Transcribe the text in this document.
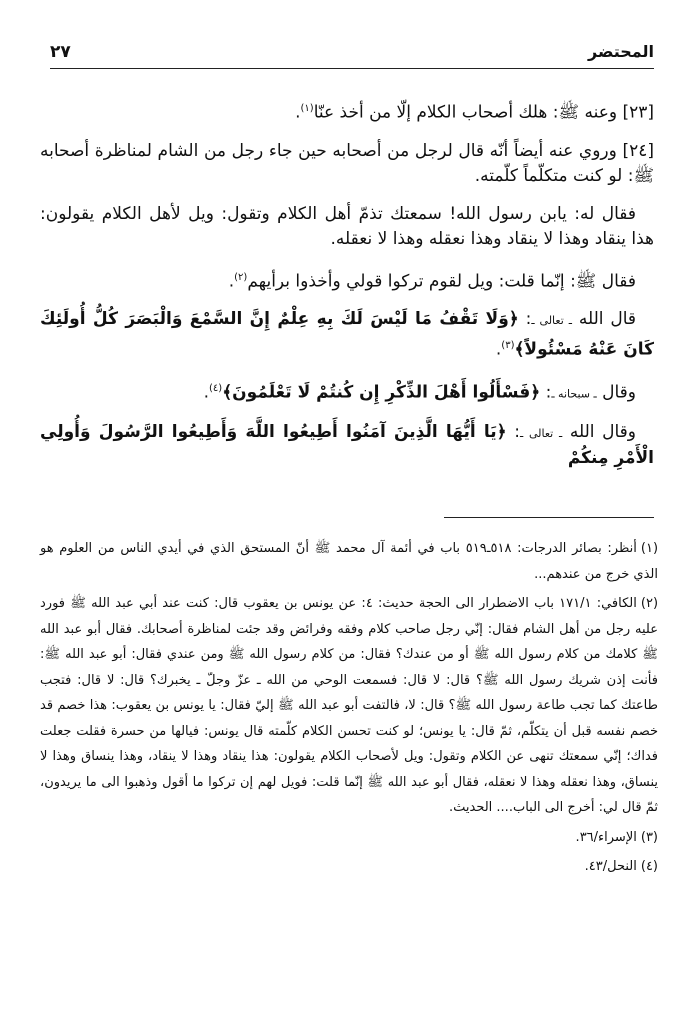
المحتضر
٢٧

[٢٣] وعنه ﷺ: هلك أصحاب الكلام إلّا من أخذ عنّا$^{(١)}$.

[٢٤] وروي عنه أيضاً أنّه قال لرجل من أصحابه حين جاء رجل من الشام لمناظرة أصحابه ﷺ: لو كنت متكلّماً كلّمته.

فقال له: يابن رسول الله! سمعتك تذمّ أهل الكلام وتقول: ويل لأهل الكلام يقولون: هذا ينقاد وهذا لا ينقاد وهذا نعقله وهذا لا نعقله.

فقال ﷺ: إنّما قلت: ويل لقوم تركوا قولي وأخذوا برأيهم$^{(٢)}$.

قال الله ـ تعالى ـ: ﴿وَلَا تَقْفُ مَا لَيْسَ لَكَ بِهِ عِلْمٌ إِنَّ السَّمْعَ وَالْبَصَرَ كُلُّ أُولَئِكَ كَانَ عَنْهُ مَسْئُولاً﴾$^{(٣)}$.

وقال ـ سبحانه ـ: ﴿فَسْأَلُوا أَهْلَ الذِّكْرِ إِن كُنتُمْ لَا تَعْلَمُونَ﴾$^{(٤)}$.

وقال الله ـ تعالى ـ: ﴿يَا أَيُّهَا الَّذِينَ آمَنُوا أَطِيعُوا اللَّهَ وَأَطِيعُوا الرَّسُولَ وَأُولِي الْأَمْرِ مِنكُمْ

(١)أنظر: بصائر الدرجات: ٥١٨ـ٥١٩ باب في أئمة آل محمد ﷺ أنّ المستحق الذي في أيدي الناس من العلوم هو الذي خرج من عندهم...
(٢)الكافي: ١٧١/١ باب الاضطرار الى الحجة حديث: ٤: عن يونس بن يعقوب قال: كنت عند أبي عبد الله ﷺ فورد عليه رجل من أهل الشام فقال: إنّي رجل صاحب كلام وفقه وفرائض وقد جئت لمناظرة أصحابك. فقال أبو عبد الله ﷺ كلامك من كلام رسول الله ﷺ أو من عندك؟ فقال: من كلام رسول الله ﷺ ومن عندي فقال: أبو عبد الله ﷺ: فأنت إذن شريك رسول الله ﷺ؟ قال: لا قال: فسمعت الوحي من الله ـ عزّ وجلّ ـ يخبرك؟ قال: لا قال: فتجب طاعتك كما تجب طاعة رسول الله ﷺ؟ قال: لا، فالتفت أبو عبد الله ﷺ إليّ فقال: يا يونس بن يعقوب: هذا خصم قد خصم نفسه قبل أن يتكلّم، ثمّ قال: يا يونس؛ لو كنت تحسن الكلام كلّمته قال يونس: فيالها من حسرة فقلت جعلت فداك؛ إنّي سمعتك تنهى عن الكلام وتقول: ويل لأصحاب الكلام يقولون: هذا ينقاد وهذا لا ينقاد، وهذا ينساق وهذا لا ينساق، وهذا نعقله وهذا لا نعقله، فقال أبو عبد الله ﷺ إنّما قلت: فويل لهم إن تركوا ما أقول وذهبوا الى ما يريدون، ثمّ قال لي: أخرج الى الباب.... الحديث.
(٣)الإسراء/٣٦.
(٤)النحل/٤٣.
